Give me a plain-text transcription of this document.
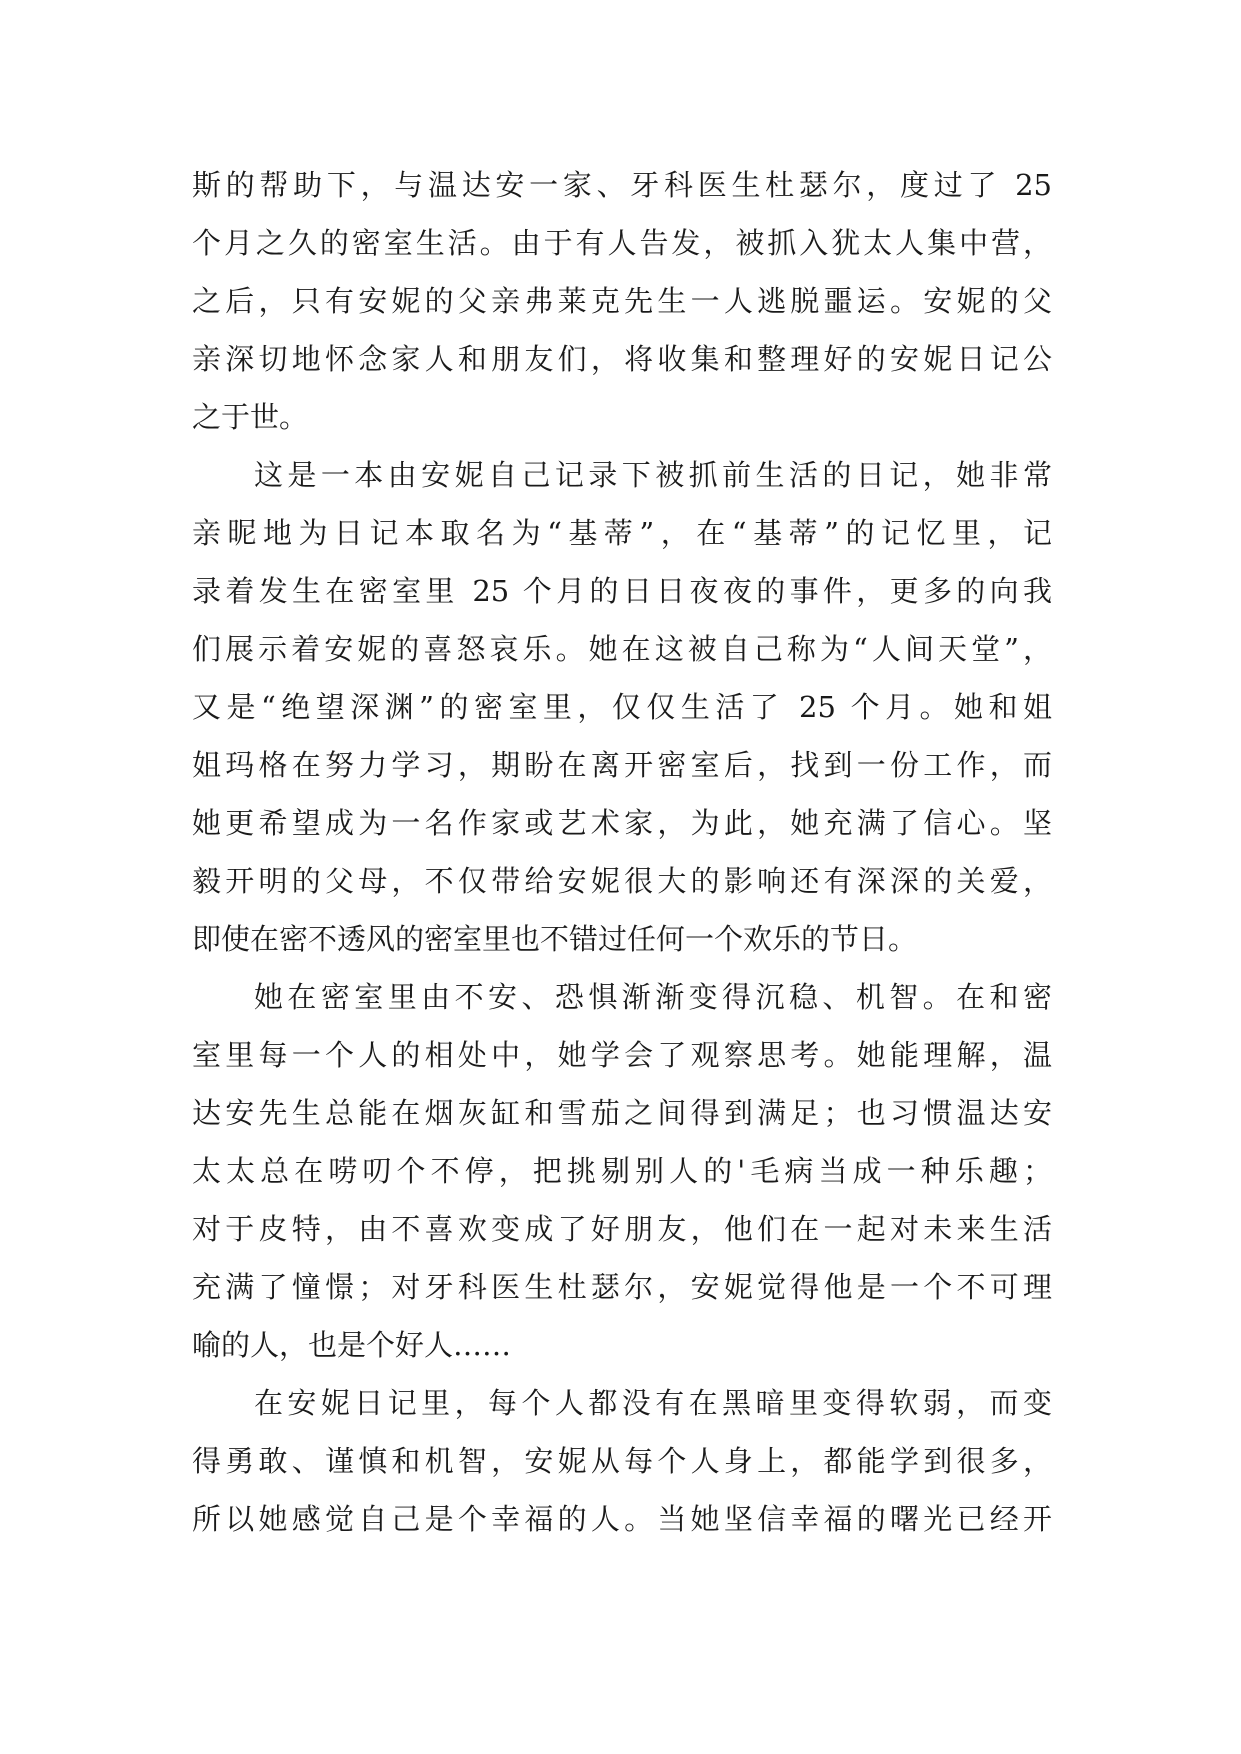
斯的帮助下，与温达安一家、牙科医生杜瑟尔，度过了 25
个月之久的密室生活。由于有人告发，被抓入犹太人集中营，
之后，只有安妮的父亲弗莱克先生一人逃脱噩运。安妮的父
亲深切地怀念家人和朋友们，将收集和整理好的安妮日记公
之于世。
这是一本由安妮自己记录下被抓前生活的日记，她非常
亲昵地为日记本取名为“基蒂”，在“基蒂”的记忆里，记
录着发生在密室里 25 个月的日日夜夜的事件，更多的向我
们展示着安妮的喜怒哀乐。她在这被自己称为“人间天堂”，
又是“绝望深渊”的密室里，仅仅生活了 25 个月。她和姐
姐玛格在努力学习，期盼在离开密室后，找到一份工作，而
她更希望成为一名作家或艺术家，为此，她充满了信心。坚
毅开明的父母，不仅带给安妮很大的影响还有深深的关爱，
即使在密不透风的密室里也不错过任何一个欢乐的节日。
她在密室里由不安、恐惧渐渐变得沉稳、机智。在和密
室里每一个人的相处中，她学会了观察思考。她能理解，温
达安先生总能在烟灰缸和雪茄之间得到满足；也习惯温达安
太太总在唠叨个不停，把挑剔别人的'毛病当成一种乐趣；
对于皮特，由不喜欢变成了好朋友，他们在一起对未来生活
充满了憧憬；对牙科医生杜瑟尔，安妮觉得他是一个不可理
喻的人，也是个好人……
在安妮日记里，每个人都没有在黑暗里变得软弱，而变
得勇敢、谨慎和机智，安妮从每个人身上，都能学到很多，
所以她感觉自己是个幸福的人。当她坚信幸福的曙光已经开
